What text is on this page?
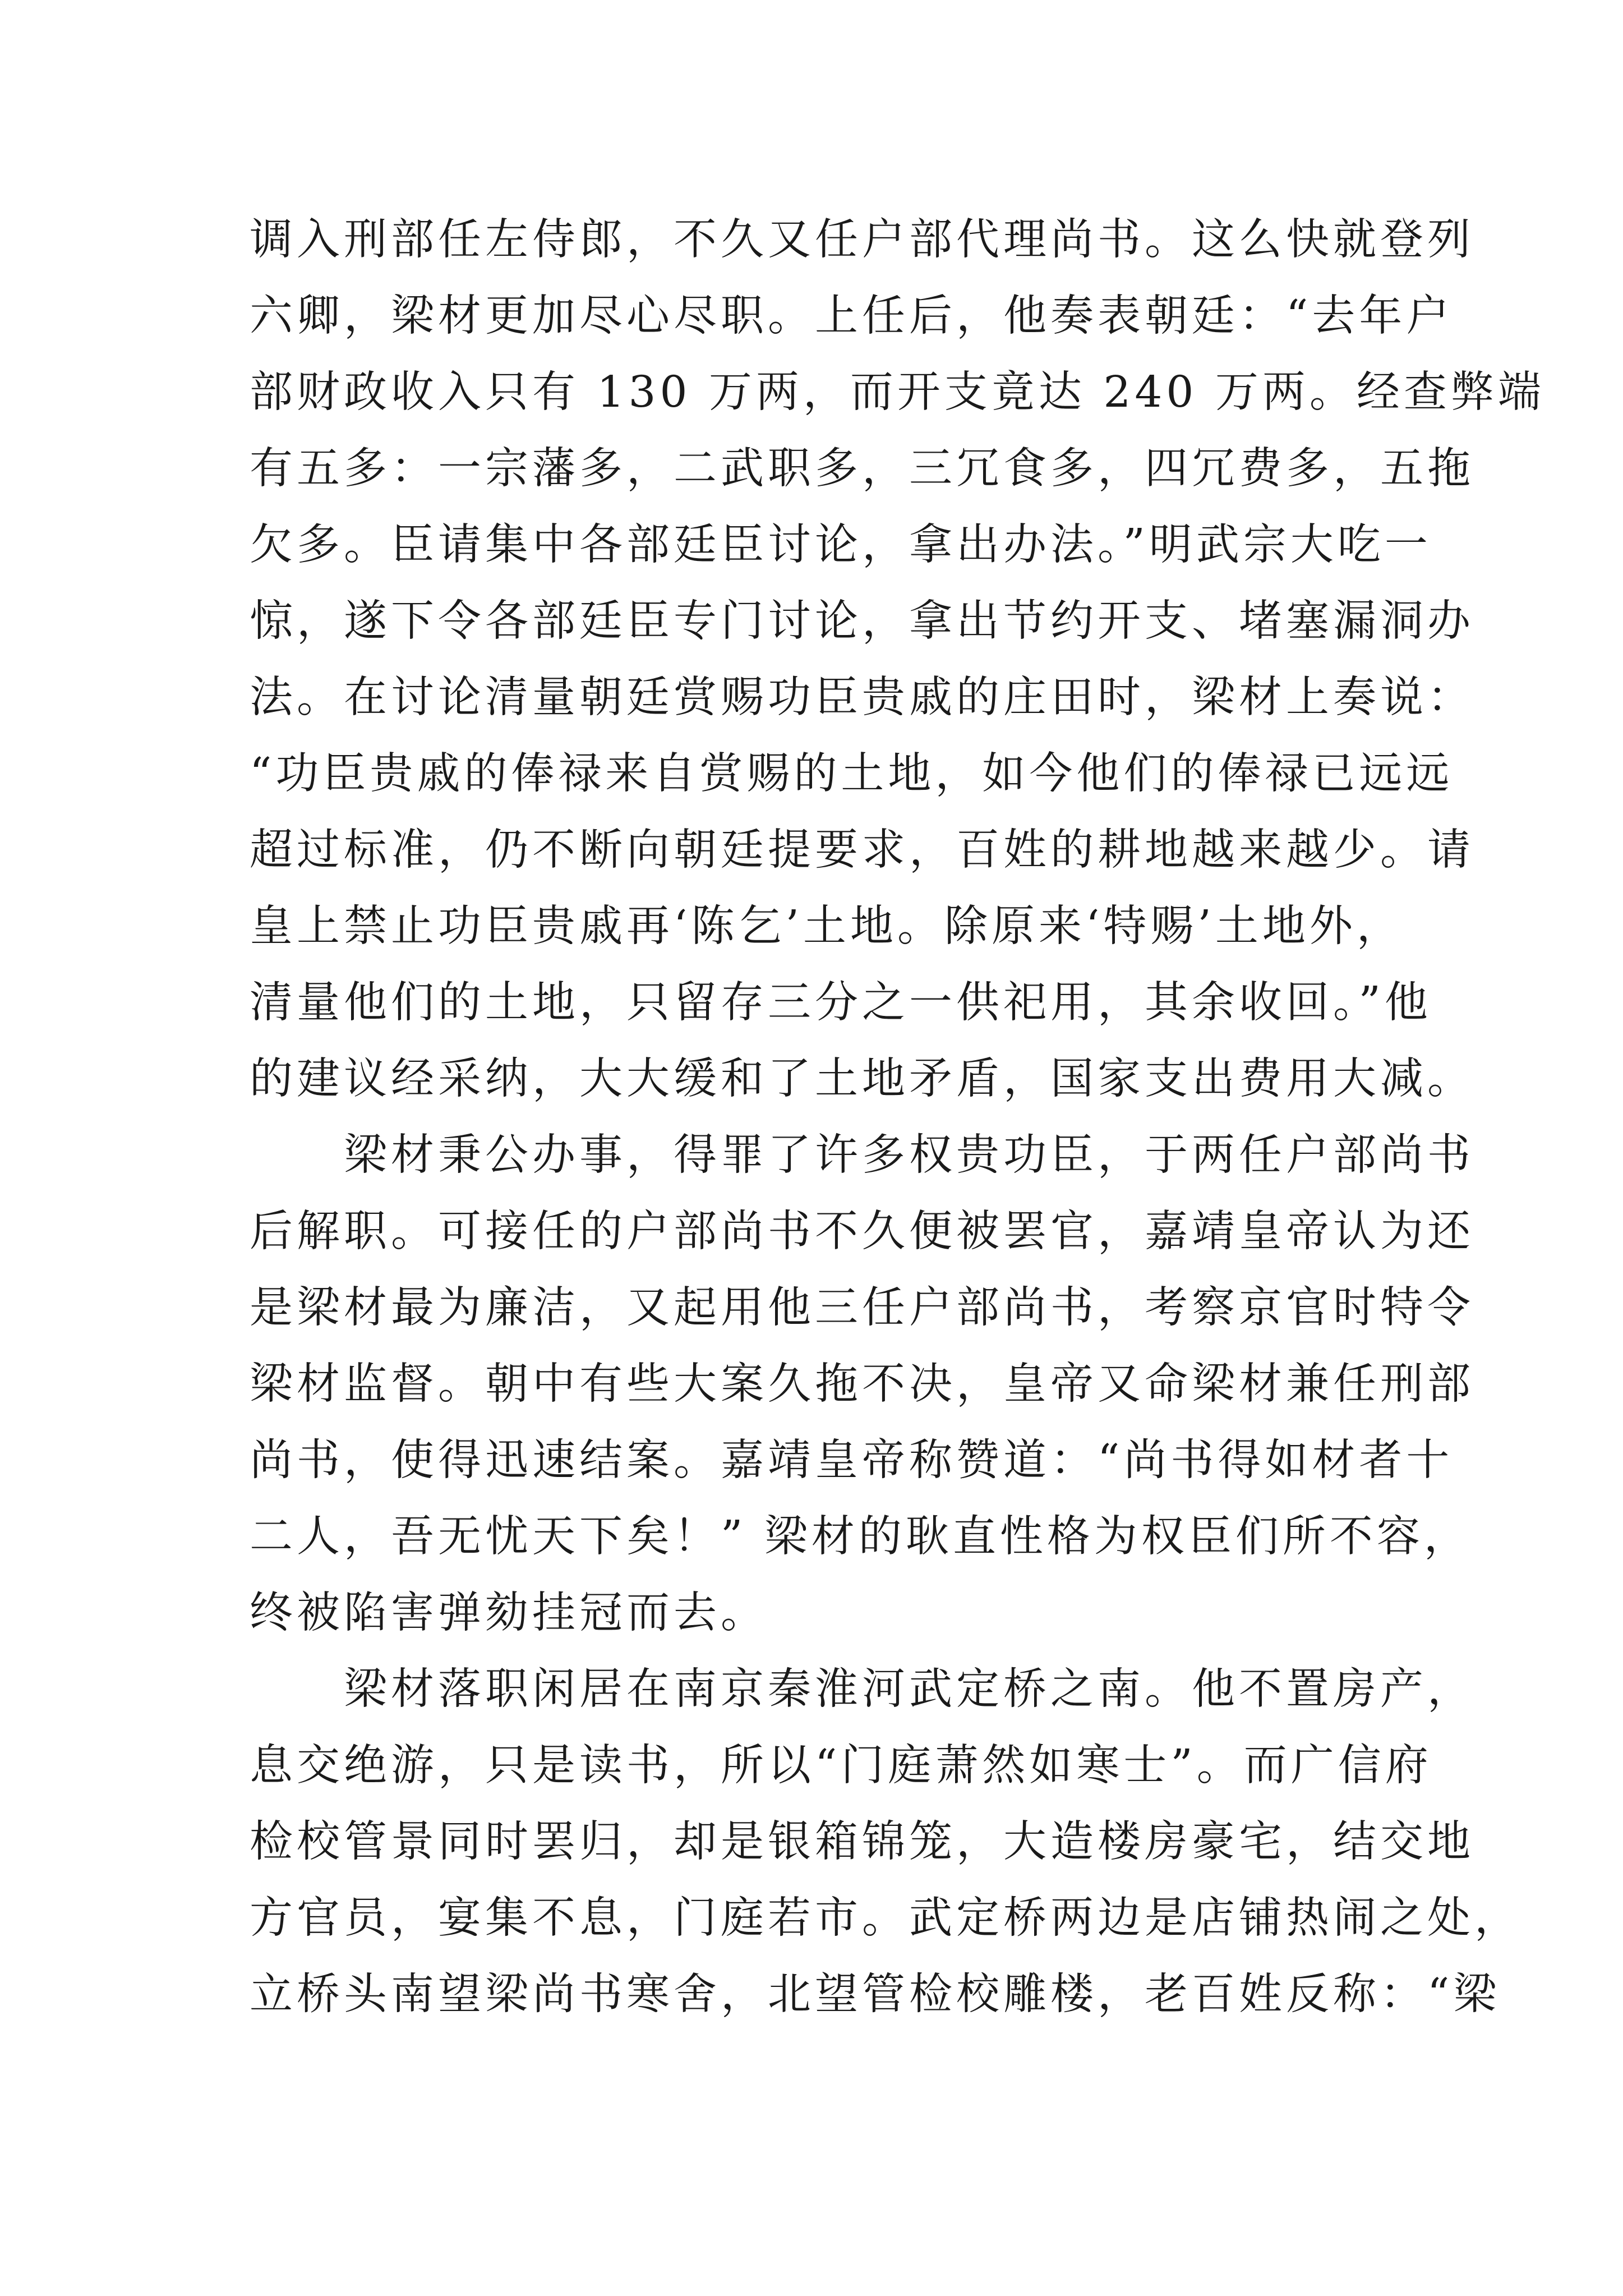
调入刑部任左侍郎，不久又任户部代理尚书。这么快就登列
六卿，梁材更加尽心尽职。上任后，他奏表朝廷：“去年户
部财政收入只有 130 万两，而开支竟达 240 万两。经查弊端
有五多：一宗藩多，二武职多，三冗食多，四冗费多，五拖
欠多。臣请集中各部廷臣讨论，拿出办法。”明武宗大吃一
惊，遂下令各部廷臣专门讨论，拿出节约开支、堵塞漏洞办
法。在讨论清量朝廷赏赐功臣贵戚的庄田时，梁材上奏说：
“功臣贵戚的俸禄来自赏赐的土地，如今他们的俸禄已远远
超过标准，仍不断向朝廷提要求，百姓的耕地越来越少。请
皇上禁止功臣贵戚再‘陈乞’土地。除原来‘特赐’土地外，
清量他们的土地，只留存三分之一供祀用，其余收回。”他
的建议经采纳，大大缓和了土地矛盾，国家支出费用大减。
　　梁材秉公办事，得罪了许多权贵功臣，于两任户部尚书
后解职。可接任的户部尚书不久便被罢官，嘉靖皇帝认为还
是梁材最为廉洁，又起用他三任户部尚书，考察京官时特令
梁材监督。朝中有些大案久拖不决，皇帝又命梁材兼任刑部
尚书，使得迅速结案。嘉靖皇帝称赞道：“尚书得如材者十
二人，吾无忧天下矣！” 梁材的耿直性格为权臣们所不容，
终被陷害弹劾挂冠而去。
　　梁材落职闲居在南京秦淮河武定桥之南。他不置房产，
息交绝游，只是读书，所以“门庭萧然如寒士”。而广信府
检校管景同时罢归，却是银箱锦笼，大造楼房豪宅，结交地
方官员，宴集不息，门庭若市。武定桥两边是店铺热闹之处，
立桥头南望梁尚书寒舍，北望管检校雕楼，老百姓反称：“梁
